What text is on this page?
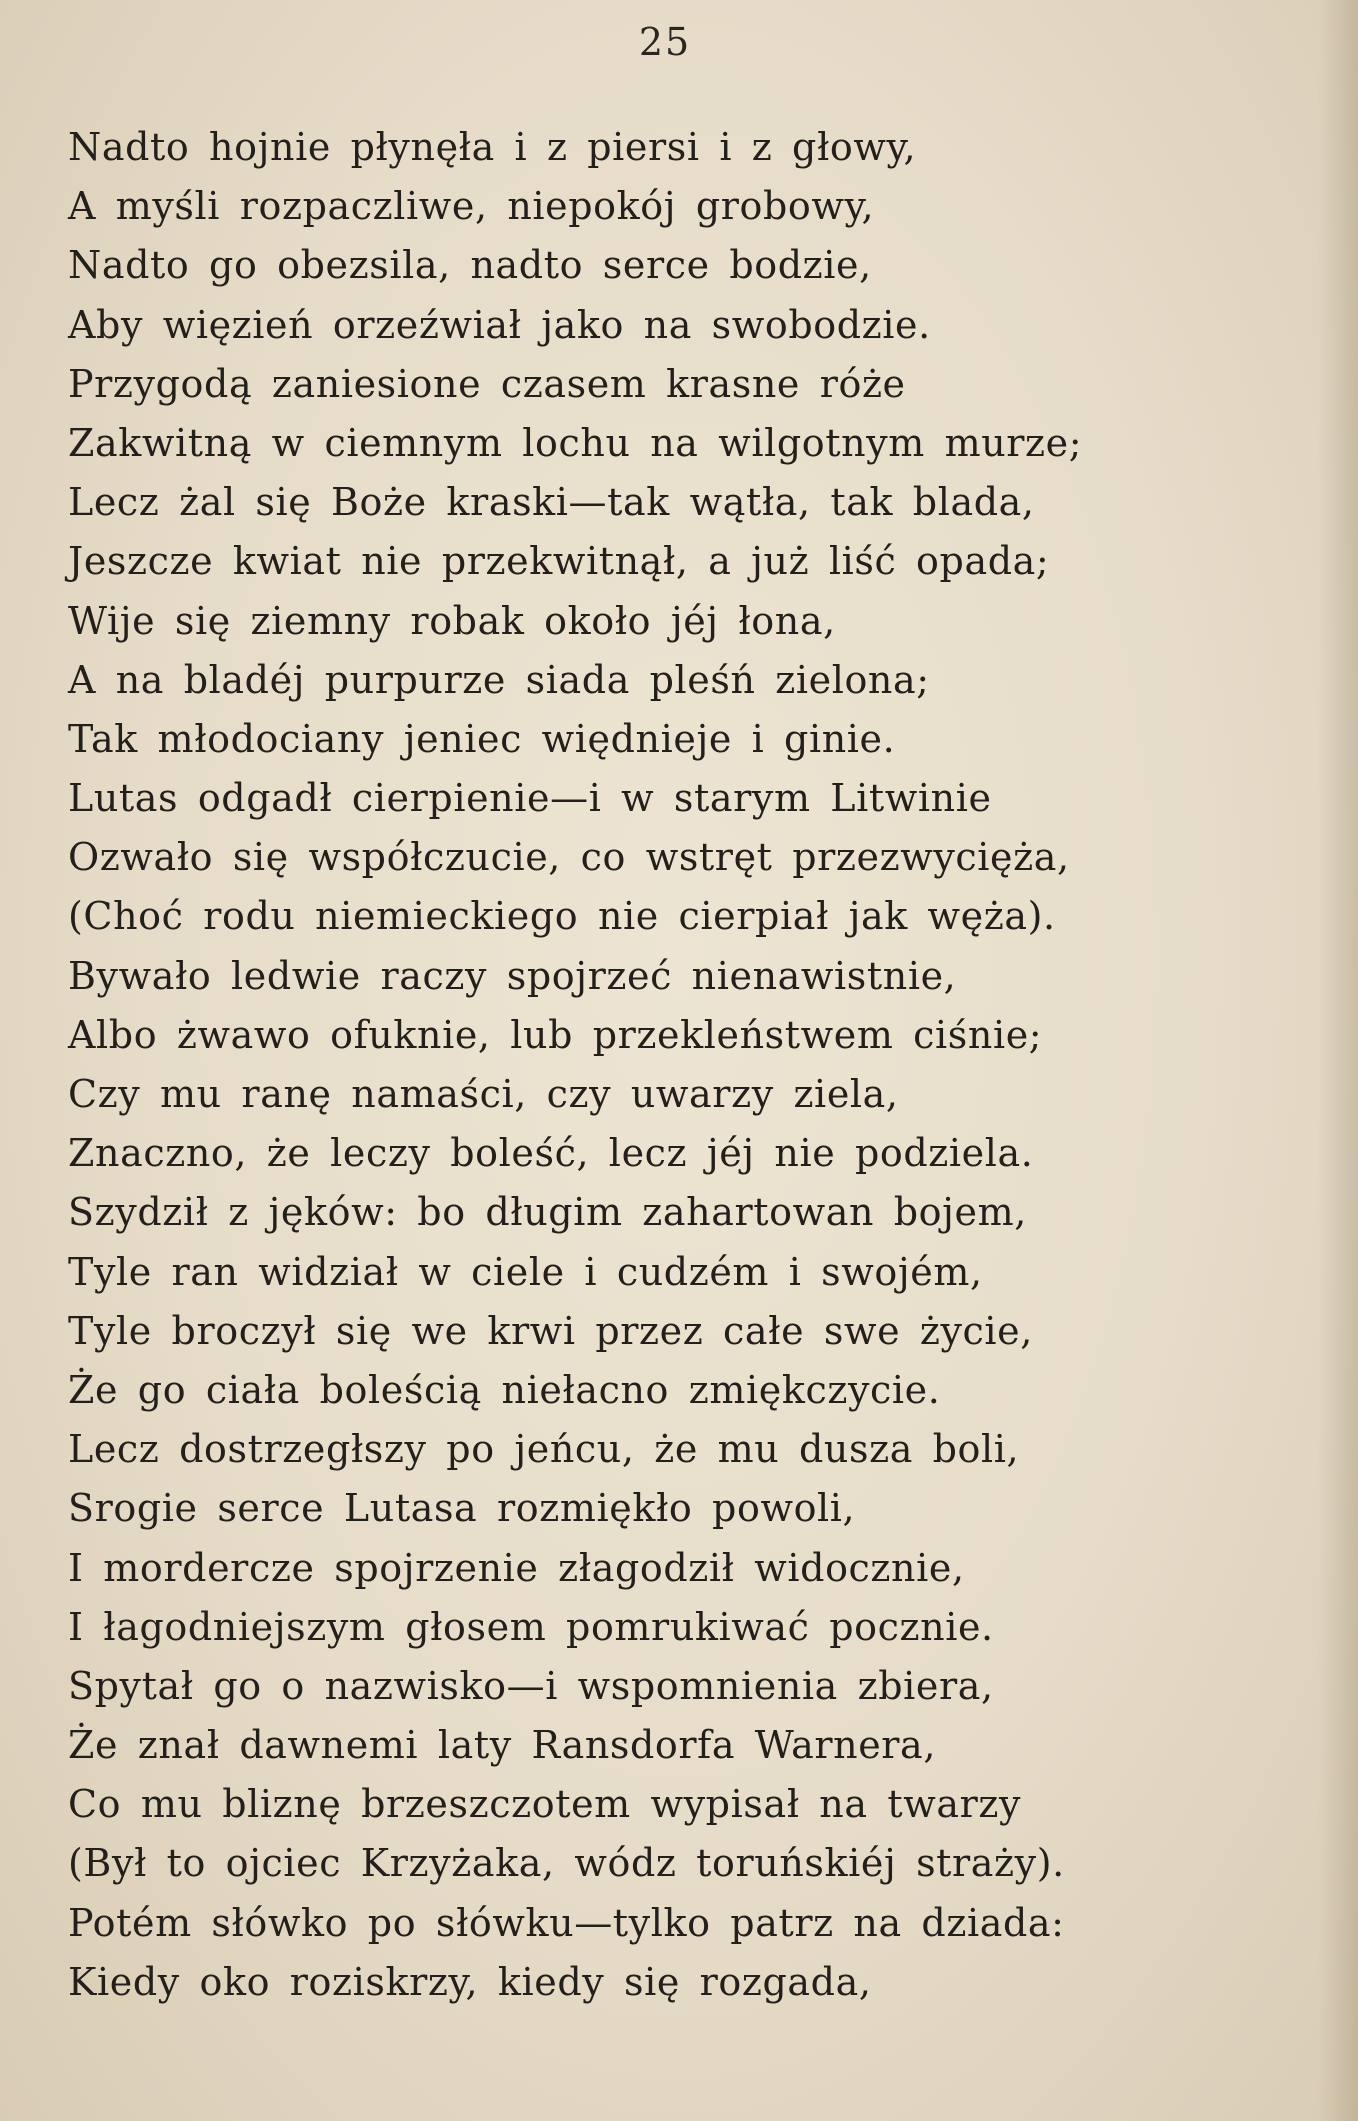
25
Nadto hojnie płynęła i z piersi i z głowy,
A myśli rozpaczliwe, niepokój grobowy,
Nadto go obezsila, nadto serce bodzie,
Aby więzień orzeźwiał jako na swobodzie.
Przygodą zaniesione czasem krasne róże
Zakwitną w ciemnym lochu na wilgotnym murze;
Lecz żal się Boże kraski—tak wątła, tak blada,
Jeszcze kwiat nie przekwitnął, a już liść opada;
Wije się ziemny robak około jéj łona,
A na bladéj purpurze siada pleśń zielona;
Tak młodociany jeniec więdnieje i ginie.
Lutas odgadł cierpienie—i w starym Litwinie
Ozwało się współczucie, co wstręt przezwycięża,
(Choć rodu niemieckiego nie cierpiał jak węża).
Bywało ledwie raczy spojrzeć nienawistnie,
Albo żwawo ofuknie, lub przekleństwem ciśnie;
Czy mu ranę namaści, czy uwarzy ziela,
Znaczno, że leczy boleść, lecz jéj nie podziela.
Szydził z jęków: bo długim zahartowan bojem,
Tyle ran widział w ciele i cudzém i swojém,
Tyle broczył się we krwi przez całe swe życie,
Że go ciała boleścią niełacno zmiękczycie.
Lecz dostrzegłszy po jeńcu, że mu dusza boli,
Srogie serce Lutasa rozmiękło powoli,
I mordercze spojrzenie złagodził widocznie,
I łagodniejszym głosem pomrukiwać pocznie.
Spytał go o nazwisko—i wspomnienia zbiera,
Że znał dawnemi laty Ransdorfa Warnera,
Co mu bliznę brzeszczotem wypisał na twarzy
(Był to ojciec Krzyżaka, wódz toruńskiéj straży).
Potém słówko po słówku—tylko patrz na dziada:
Kiedy oko roziskrzy, kiedy się rozgada,
